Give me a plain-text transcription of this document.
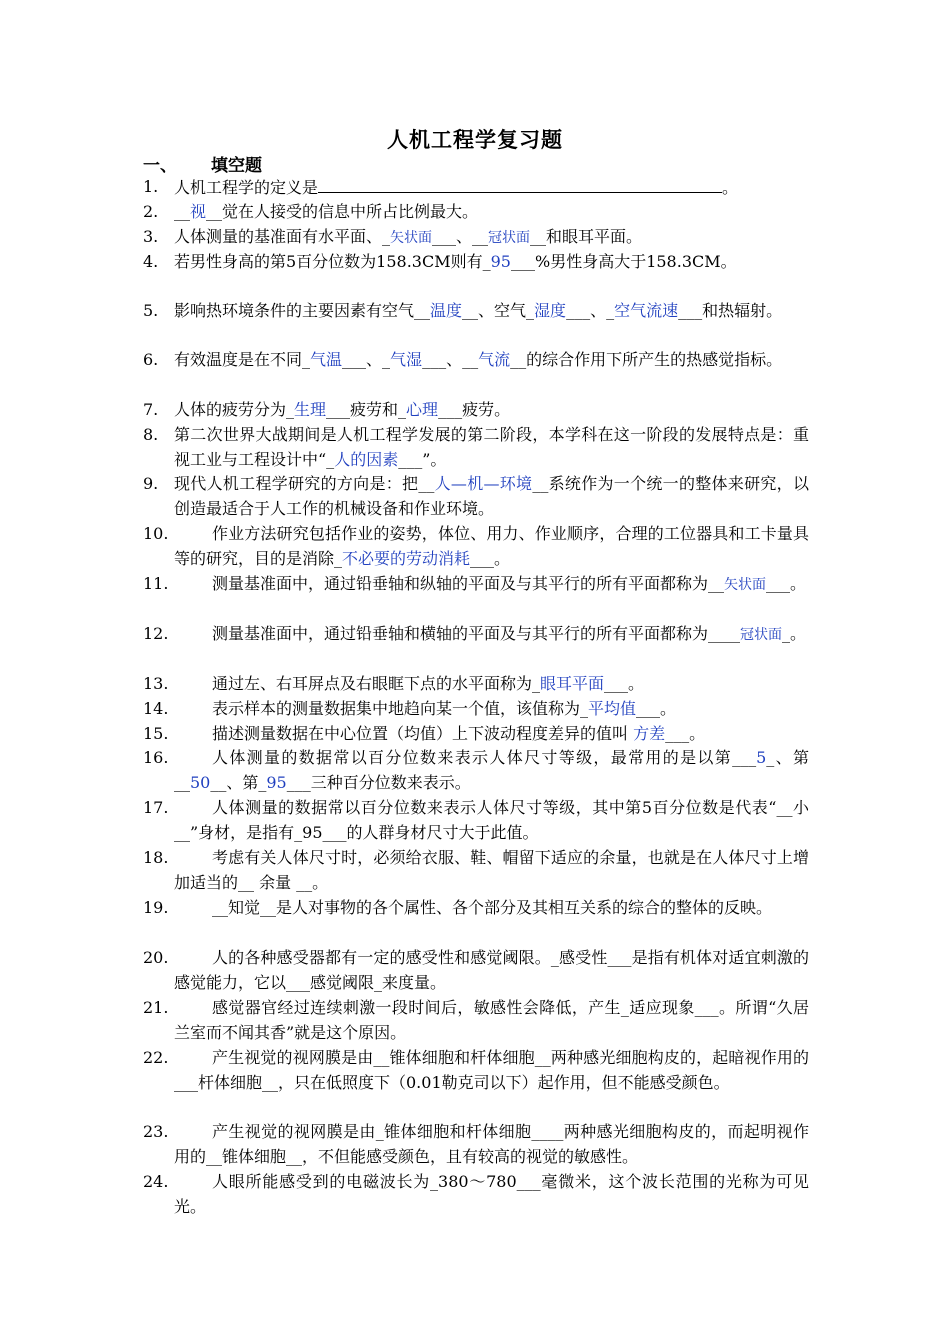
人机工程学复习题
一、 填空题
1. 人机工程学的定义是	。
2. __视__觉在人接受的信息中所占比例最大。
3. 人体测量的基准面有水平面、_矢状面___、__冠状面__和眼耳平面。
4. 若男性身高的第5百分位数为158.3CM则有_95___%男性身高大于158.3CM。
5. 影响热环境条件的主要因素有空气__温度__、空气_湿度___、_空气流速___和热辐射。
6. 有效温度是在不同_气温___、_气湿___、__气流__的综合作用下所产生的热感觉指标。
7. 人体的疲劳分为_生理___疲劳和_心理___疲劳。
8. 第二次世界大战期间是人机工程学发展的第二阶段，本学科在这一阶段的发展特点是：重视工业与工程设计中“_人的因素___”。
9. 现代人机工程学研究的方向是：把__人—机—环境__系统作为一个统一的整体来研究，以创造最适合于人工作的机械设备和作业环境。
10.	作业方法研究包括作业的姿势，体位、用力、作业顺序，合理的工位器具和工卡量具等的研究，目的是消除_不必要的劳动消耗___。
11.	测量基准面中，通过铅垂轴和纵轴的平面及与其平行的所有平面都称为__矢状面___。
12.	测量基准面中，通过铅垂轴和横轴的平面及与其平行的所有平面都称为____冠状面_。
13.	通过左、右耳屏点及右眼眶下点的水平面称为_眼耳平面___。
14.	表示样本的测量数据集中地趋向某一个值，该值称为_平均值___。
15.	描述测量数据在中心位置（均值）上下波动程度差异的值叫 方差___。
16.	人体测量的数据常以百分位数来表示人体尺寸等级，最常用的是以第___5_、第__50__、第_95___三种百分位数来表示。
17.	人体测量的数据常以百分位数来表示人体尺寸等级，其中第5百分位数是代表“__小__”身材，是指有_95___的人群身材尺寸大于此值。
18.	考虑有关人体尺寸时，必须给衣服、鞋、帽留下适应的余量，也就是在人体尺寸上增加适当的__ 余量 __。
19.	__知觉__是人对事物的各个属性、各个部分及其相互关系的综合的整体的反映。
20.	人的各种感受器都有一定的感受性和感觉阈限。_感受性___是指有机体对适宜刺激的感觉能力，它以___感觉阈限_来度量。
21.	感觉器官经过连续刺激一段时间后，敏感性会降低，产生_适应现象___。所谓“久居兰室而不闻其香”就是这个原因。
22.	产生视觉的视网膜是由__锥体细胞和杆体细胞__两种感光细胞构皮的，起暗视作用的___杆体细胞__，只在低照度下（0.01勒克司以下）起作用，但不能感受颜色。
23.	产生视觉的视网膜是由_锥体细胞和杆体细胞____两种感光细胞构皮的，而起明视作用的__锥体细胞__，不但能感受颜色，且有较高的视觉的敏感性。
24.	人眼所能感受到的电磁波长为_380～780___毫微米，这个波长范围的光称为可见光。
